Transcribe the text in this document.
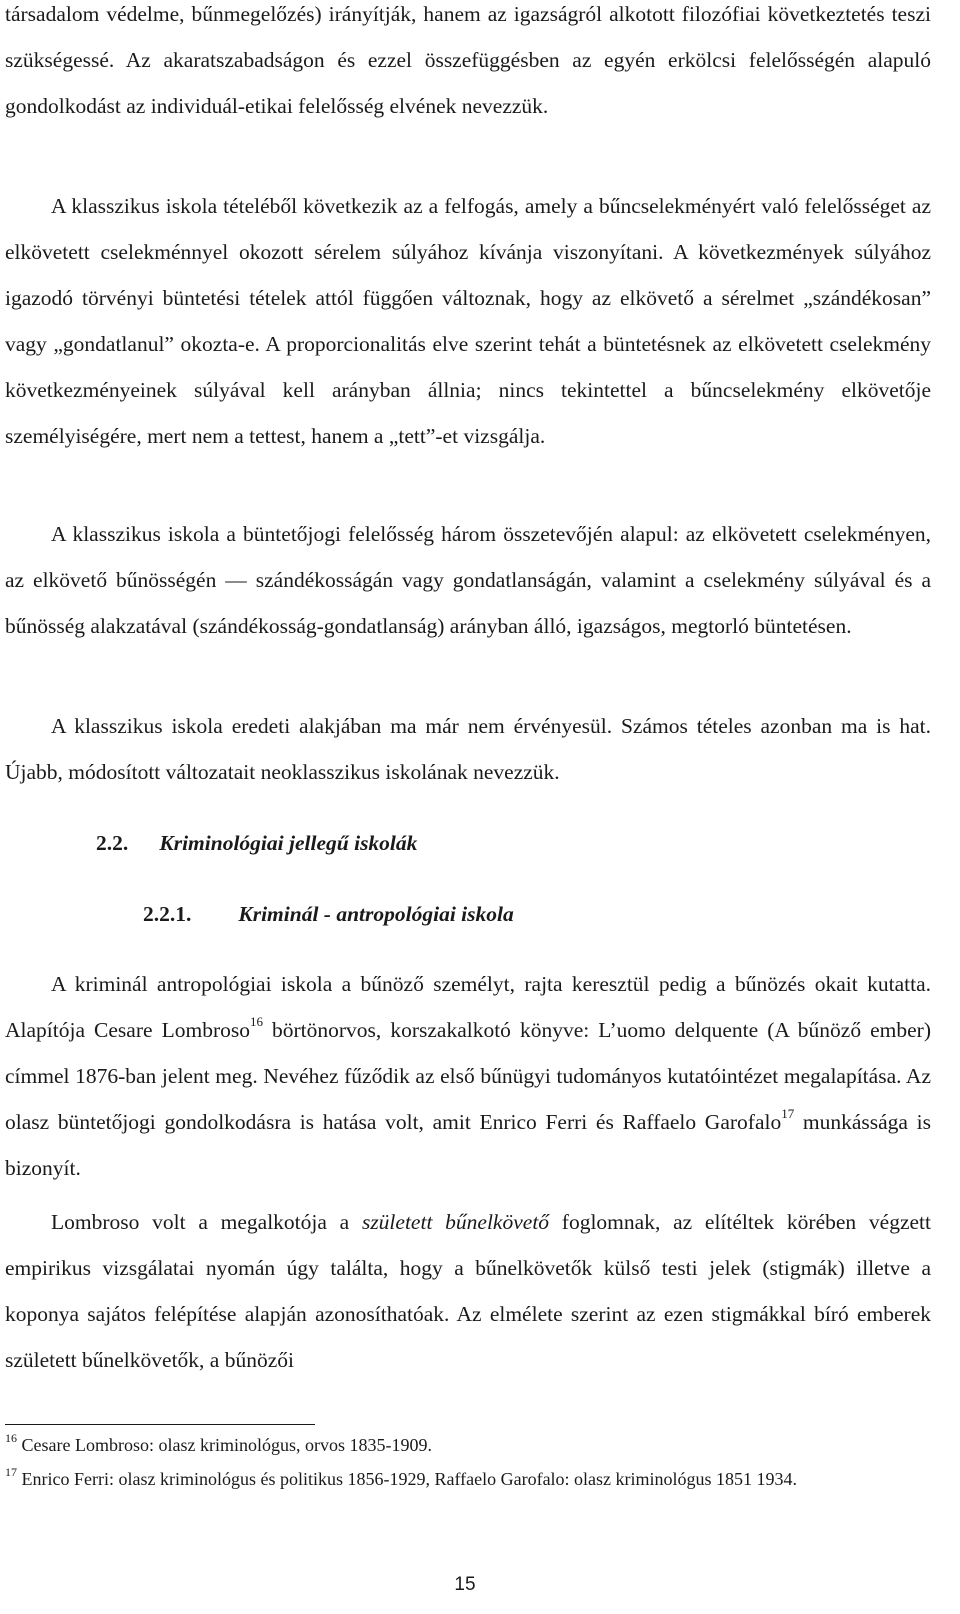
társadalom védelme, bűnmegelőzés) irányítják, hanem az igazságról alkotott filozófiai következtetés teszi szükségessé. Az akaratszabadságon és ezzel összefüggésben az egyén erkölcsi felelősségén alapuló gondolkodást az individuál-etikai felelősség elvének nevezzük.

A klasszikus iskola tételéből következik az a felfogás, amely a bűncselekményért való felelősséget az elkövetett cselekménnyel okozott sérelem súlyához kívánja viszonyítani. A következmények súlyához igazodó törvényi büntetési tételek attól függően változnak, hogy az elkövető a sérelmet „szándékosan” vagy „gondatlanul” okozta-e. A proporcionalitás elve szerint tehát a büntetésnek az elkövetett cselekmény következményeinek súlyával kell arányban állnia; nincs tekintettel a bűncselekmény elkövetője személyiségére, mert nem a tettest, hanem a „tett”-et vizsgálja.

A klasszikus iskola a büntetőjogi felelősség három összetevőjén alapul: az elkövetett cselekményen, az elkövető bűnösségén — szándékosságán vagy gondatlanságán, valamint a cselekmény súlyával és a bűnösség alakzatával (szándékosság-gondatlanság) arányban álló, igazságos, megtorló büntetésen.

A klasszikus iskola eredeti alakjában ma már nem érvényesül. Számos tételes azonban ma is hat. Újabb, módosított változatait neoklasszikus iskolának nevezzük.

2.2. Kriminológiai jellegű iskolák
2.2.1. Kriminál - antropológiai iskola

A kriminál antropológiai iskola a bűnöző személyt, rajta keresztül pedig a bűnözés okait kutatta. Alapítója Cesare Lombroso$^{16}$ börtönorvos, korszakalkotó könyve: L’uomo delquente (A bűnöző ember) címmel 1876-ban jelent meg. Nevéhez fűződik az első bűnügyi tudományos kutatóintézet megalapítása. Az olasz büntetőjogi gondolkodásra is hatása volt, amit Enrico Ferri és Raffaelo Garofalo$^{17}$ munkássága is bizonyít.

Lombroso volt a megalkotója a született bűnelkövető foglomnak, az elítéltek körében végzett empirikus vizsgálatai nyomán úgy találta, hogy a bűnelkövetők külső testi jelek (stigmák) illetve a koponya sajátos felépítése alapján azonosíthatóak. Az elmélete szerint az ezen stigmákkal bíró emberek született bűnelkövetők, a bűnözői

$^{16}$ Cesare Lombroso: olasz kriminológus, orvos 1835-1909.

$^{17}$ Enrico Ferri: olasz kriminológus és politikus 1856-1929, Raffaelo Garofalo: olasz kriminológus 1851 1934.

15
